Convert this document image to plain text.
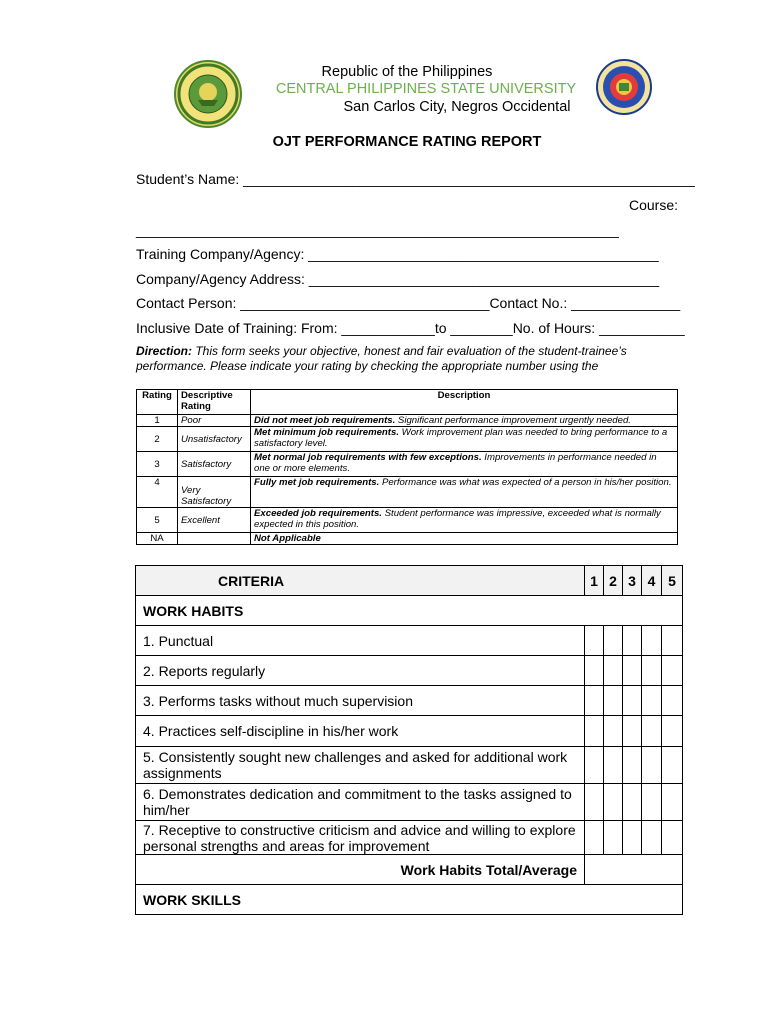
Republic of the Philippines
CENTRAL PHILIPPINES STATE UNIVERSITY
San Carlos City, Negros Occidental
OJT PERFORMANCE RATING REPORT
Student’s Name: __________________________________________________________
Course:
______________________________________________________________
Training Company/Agency: _____________________________________________
Company/Agency Address: _____________________________________________
Contact Person: ________________________________Contact No.: ______________
Inclusive Date of Training: From: ____________to ________No. of Hours: ___________
Direction: This form seeks your objective, honest and fair evaluation of the student-trainee’s performance. Please indicate your rating by checking the appropriate number using the
Rating	Descriptive Rating	Description
1	Poor	Did not meet job requirements. Significant performance improvement urgently needed.
2	Unsatisfactory	Met minimum job requirements. Work improvement plan was needed to bring performance to a satisfactory level.
3	Satisfactory	Met normal job requirements with few exceptions. Improvements in performance needed in one or more elements.
4	Very Satisfactory	Fully met job requirements. Performance was what was expected of a person in his/her position.
5	Excellent	Exceeded job requirements. Student performance was impressive, exceeded what is normally expected in this position.
NA		Not Applicable
CRITERIA	1	2	3	4	5
WORK HABITS					
1. Punctual					
2. Reports regularly					
3. Performs tasks without much supervision					
4. Practices self-discipline in his/her work					
5. Consistently sought new challenges and asked for additional work assignments					
6. Demonstrates dedication and commitment to the tasks assigned to him/her					
7. Receptive to constructive criticism and advice and willing to explore personal strengths and areas for improvement					
Work Habits Total/Average					
WORK SKILLS					
